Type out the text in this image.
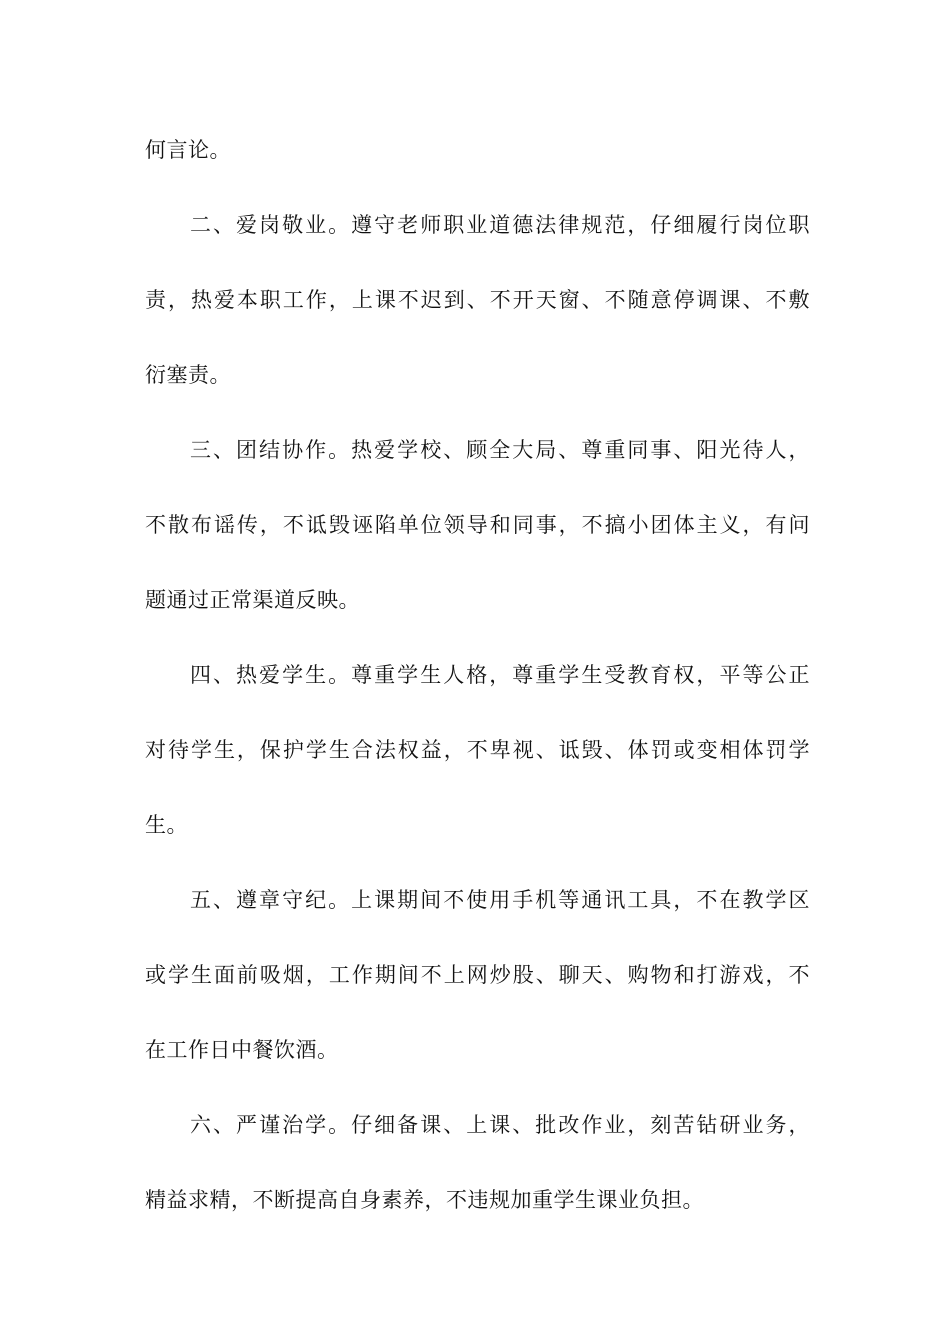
何言论。
二、爱岗敬业。遵守老师职业道德法律规范，仔细履行岗位职
责，热爱本职工作，上课不迟到、不开天窗、不随意停调课、不敷
衍塞责。
三、团结协作。热爱学校、顾全大局、尊重同事、阳光待人，
不散布谣传，不诋毁诬陷单位领导和同事，不搞小团体主义，有问
题通过正常渠道反映。
四、热爱学生。尊重学生人格，尊重学生受教育权，平等公正
对待学生，保护学生合法权益，不卑视、诋毁、体罚或变相体罚学
生。
五、遵章守纪。上课期间不使用手机等通讯工具，不在教学区
或学生面前吸烟，工作期间不上网炒股、聊天、购物和打游戏，不
在工作日中餐饮酒。
六、严谨治学。仔细备课、上课、批改作业，刻苦钻研业务，
精益求精，不断提高自身素养，不违规加重学生课业负担。
